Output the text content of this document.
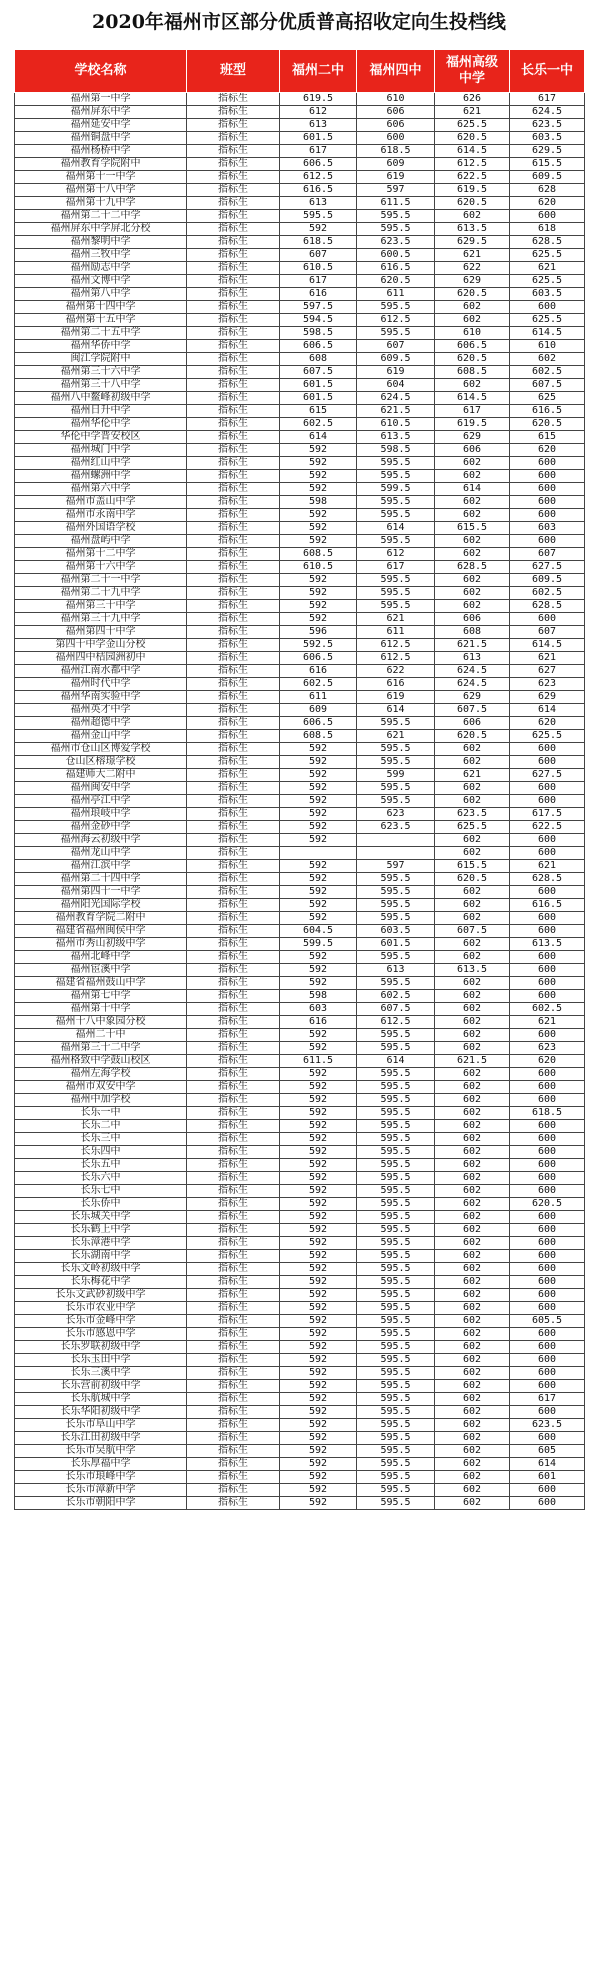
2020年福州市区部分优质普高招收定向生投档线
学校名称	班型	福州二中	福州四中	福州高级中学	长乐一中
福州第一中学	指标生	619.5	610	626	617
福州屏东中学	指标生	612	606	621	624.5
福州延安中学	指标生	613	606	625.5	623.5
福州铜盘中学	指标生	601.5	600	620.5	603.5
福州杨桥中学	指标生	617	618.5	614.5	629.5
福州教育学院附中	指标生	606.5	609	612.5	615.5
福州第十一中学	指标生	612.5	619	622.5	609.5
福州第十八中学	指标生	616.5	597	619.5	628
福州第十九中学	指标生	613	611.5	620.5	620
福州第二十二中学	指标生	595.5	595.5	602	600
福州屏东中学屏北分校	指标生	592	595.5	613.5	618
福州黎明中学	指标生	618.5	623.5	629.5	628.5
福州三牧中学	指标生	607	600.5	621	625.5
福州励志中学	指标生	610.5	616.5	622	621
福州文博中学	指标生	617	620.5	629	625.5
福州第八中学	指标生	616	611	620.5	603.5
福州第十四中学	指标生	597.5	595.5	602	600
福州第十五中学	指标生	594.5	612.5	602	625.5
福州第二十五中学	指标生	598.5	595.5	610	614.5
福州华侨中学	指标生	606.5	607	606.5	610
闽江学院附中	指标生	608	609.5	620.5	602
福州第三十六中学	指标生	607.5	619	608.5	602.5
福州第三十八中学	指标生	601.5	604	602	607.5
福州八中鳌峰初级中学	指标生	601.5	624.5	614.5	625
福州日升中学	指标生	615	621.5	617	616.5
福州华伦中学	指标生	602.5	610.5	619.5	620.5
华伦中学晋安校区	指标生	614	613.5	629	615
福州城门中学	指标生	592	598.5	606	620
福州红山中学	指标生	592	595.5	602	600
福州螺洲中学	指标生	592	595.5	602	600
福州第六中学	指标生	592	599.5	614	600
福州市盖山中学	指标生	598	595.5	602	600
福州市永南中学	指标生	592	595.5	602	600
福州外国语学校	指标生	592	614	615.5	603
福州盘屿中学	指标生	592	595.5	602	600
福州第十二中学	指标生	608.5	612	602	607
福州第十六中学	指标生	610.5	617	628.5	627.5
福州第二十一中学	指标生	592	595.5	602	609.5
福州第二十九中学	指标生	592	595.5	602	602.5
福州第三十中学	指标生	592	595.5	602	628.5
福州第三十九中学	指标生	592	621	606	600
福州第四十中学	指标生	596	611	608	607
第四十中学金山分校	指标生	592.5	612.5	621.5	614.5
福州四中桔园洲初中	指标生	606.5	612.5	613	621
福州江南水都中学	指标生	616	622	624.5	627
福州时代中学	指标生	602.5	616	624.5	623
福州华南实验中学	指标生	611	619	629	629
福州英才中学	指标生	609	614	607.5	614
福州超德中学	指标生	606.5	595.5	606	620
福州金山中学	指标生	608.5	621	620.5	625.5
福州市仓山区博爱学校	指标生	592	595.5	602	600
仓山区榕璟学校	指标生	592	595.5	602	600
福建师大二附中	指标生	592	599	621	627.5
福州闽安中学	指标生	592	595.5	602	600
福州亭江中学	指标生	592	595.5	602	600
福州琅岐中学	指标生	592	623	623.5	617.5
福州金砂中学	指标生	592	623.5	625.5	622.5
福州海云初级中学	指标生	592		602	600
福州龙山中学	指标生			602	600
福州江滨中学	指标生	592	597	615.5	621
福州第二十四中学	指标生	592	595.5	620.5	628.5
福州第四十一中学	指标生	592	595.5	602	600
福州阳光国际学校	指标生	592	595.5	602	616.5
福州教育学院二附中	指标生	592	595.5	602	600
福建省福州闽侯中学	指标生	604.5	603.5	607.5	600
福州市秀山初级中学	指标生	599.5	601.5	602	613.5
福州北峰中学	指标生	592	595.5	602	600
福州宦溪中学	指标生	592	613	613.5	600
福建省福州鼓山中学	指标生	592	595.5	602	600
福州第七中学	指标生	598	602.5	602	600
福州第十中学	指标生	603	607.5	602	602.5
福州十八中象园分校	指标生	616	612.5	602	621
福州二十中	指标生	592	595.5	602	600
福州第三十二中学	指标生	592	595.5	602	623
福州格致中学鼓山校区	指标生	611.5	614	621.5	620
福州左海学校	指标生	592	595.5	602	600
福州市双安中学	指标生	592	595.5	602	600
福州中加学校	指标生	592	595.5	602	600
长乐一中	指标生	592	595.5	602	618.5
长乐二中	指标生	592	595.5	602	600
长乐三中	指标生	592	595.5	602	600
长乐四中	指标生	592	595.5	602	600
长乐五中	指标生	592	595.5	602	600
长乐六中	指标生	592	595.5	602	600
长乐七中	指标生	592	595.5	602	600
长乐侨中	指标生	592	595.5	602	620.5
长乐城关中学	指标生	592	595.5	602	600
长乐鹤上中学	指标生	592	595.5	602	600
长乐漳港中学	指标生	592	595.5	602	600
长乐湖南中学	指标生	592	595.5	602	600
长乐文岭初级中学	指标生	592	595.5	602	600
长乐梅花中学	指标生	592	595.5	602	600
长乐文武砂初级中学	指标生	592	595.5	602	600
长乐市农业中学	指标生	592	595.5	602	600
长乐市金峰中学	指标生	592	595.5	602	605.5
长乐市感恩中学	指标生	592	595.5	602	600
长乐罗联初级中学	指标生	592	595.5	602	600
长乐玉田中学	指标生	592	595.5	602	600
长乐三溪中学	指标生	592	595.5	602	600
长乐营前初级中学	指标生	592	595.5	602	600
长乐航城中学	指标生	592	595.5	602	617
长乐华阳初级中学	指标生	592	595.5	602	600
长乐市阜山中学	指标生	592	595.5	602	623.5
长乐江田初级中学	指标生	592	595.5	602	600
长乐市吴航中学	指标生	592	595.5	602	605
长乐厚福中学	指标生	592	595.5	602	614
长乐市琅峰中学	指标生	592	595.5	602	601
长乐市漳新中学	指标生	592	595.5	602	600
长乐市朝阳中学	指标生	592	595.5	602	600
